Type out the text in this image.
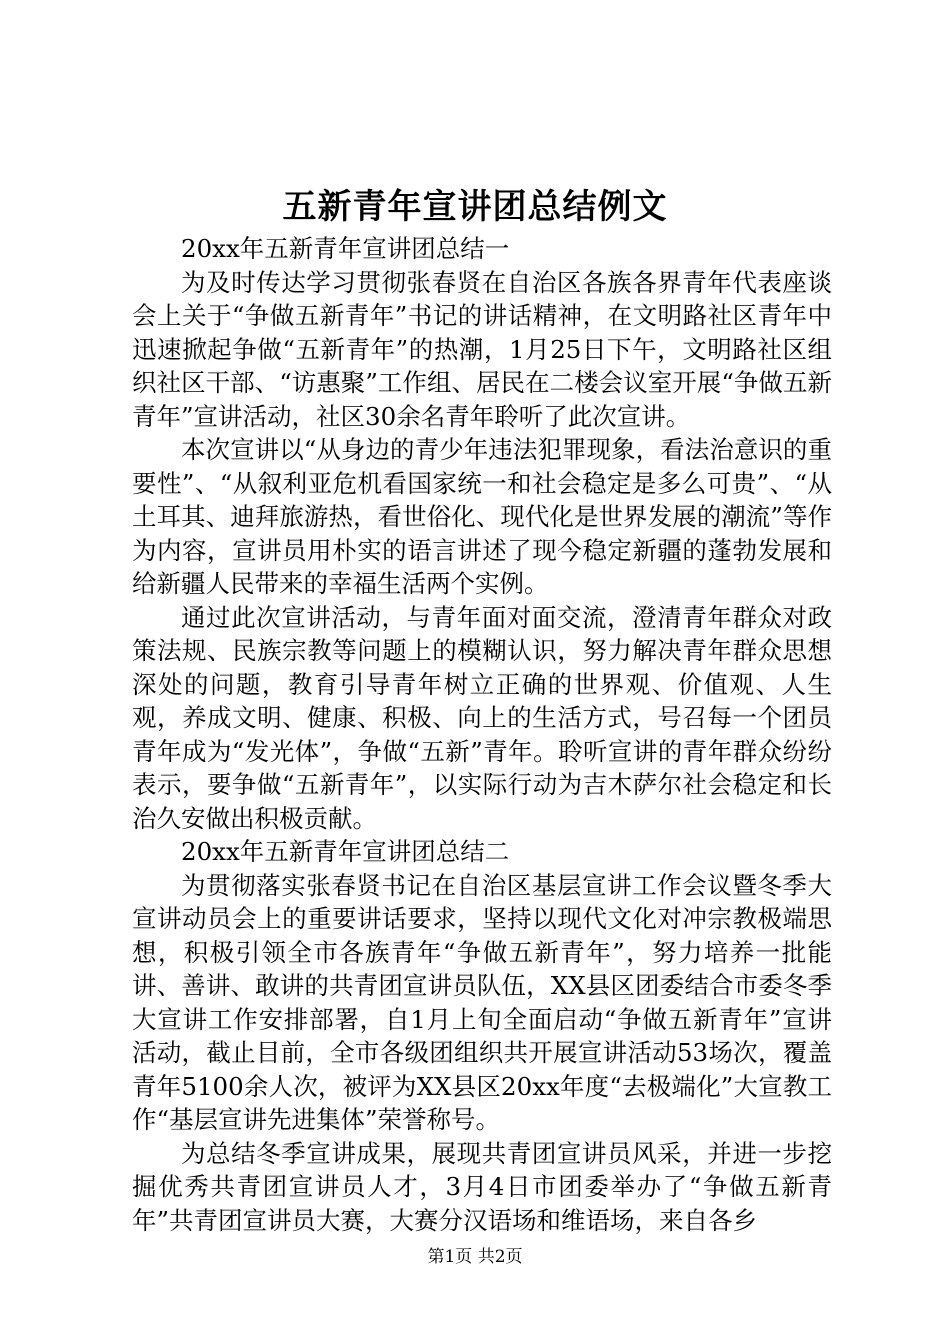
五新青年宣讲团总结例文

20xx年五新青年宣讲团总结一

为及时传达学习贯彻张春贤在自治区各族各界青年代表座谈会上关于“争做五新青年”书记的讲话精神，在文明路社区青年中迅速掀起争做“五新青年”的热潮，1月25日下午，文明路社区组织社区干部、“访惠聚”工作组、居民在二楼会议室开展“争做五新青年”宣讲活动，社区30余名青年聆听了此次宣讲。

本次宣讲以“从身边的青少年违法犯罪现象，看法治意识的重要性”、“从叙利亚危机看国家统一和社会稳定是多么可贵”、“从土耳其、迪拜旅游热，看世俗化、现代化是世界发展的潮流”等作为内容，宣讲员用朴实的语言讲述了现今稳定新疆的蓬勃发展和给新疆人民带来的幸福生活两个实例。

通过此次宣讲活动，与青年面对面交流，澄清青年群众对政策法规、民族宗教等问题上的模糊认识，努力解决青年群众思想深处的问题，教育引导青年树立正确的世界观、价值观、人生观，养成文明、健康、积极、向上的生活方式，号召每一个团员青年成为“发光体”，争做“五新”青年。聆听宣讲的青年群众纷纷表示，要争做“五新青年”，以实际行动为吉木萨尔社会稳定和长治久安做出积极贡献。

20xx年五新青年宣讲团总结二

为贯彻落实张春贤书记在自治区基层宣讲工作会议暨冬季大宣讲动员会上的重要讲话要求，坚持以现代文化对冲宗教极端思想，积极引领全市各族青年“争做五新青年”，努力培养一批能讲、善讲、敢讲的共青团宣讲员队伍，XX县区团委结合市委冬季大宣讲工作安排部署，自1月上旬全面启动“争做五新青年”宣讲活动，截止目前，全市各级团组织共开展宣讲活动53场次，覆盖青年5100余人次，被评为XX县区20xx年度“去极端化”大宣教工作“基层宣讲先进集体”荣誉称号。

为总结冬季宣讲成果，展现共青团宣讲员风采，并进一步挖掘优秀共青团宣讲员人才，3月4日市团委举办了“争做五新青年”共青团宣讲员大赛，大赛分汉语场和维语场，来自各乡

第1页 共2页
